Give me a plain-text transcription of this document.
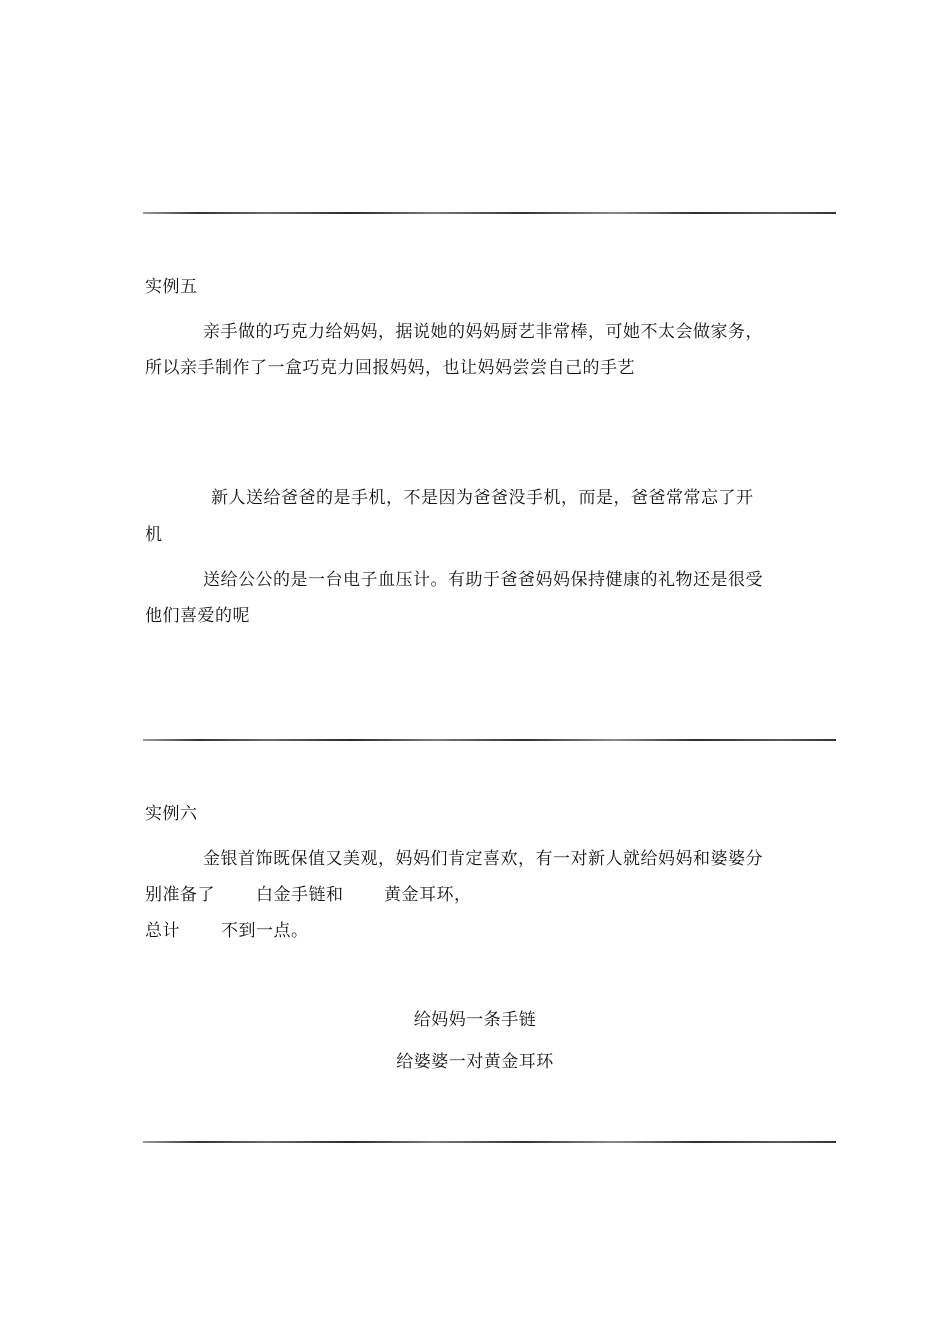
实例五
亲手做的巧克力给妈妈，据说她的妈妈厨艺非常棒，可她不太会做家务，
所以亲手制作了一盒巧克力回报妈妈，也让妈妈尝尝自己的手艺
新人送给爸爸的是手机，不是因为爸爸没手机，而是，爸爸常常忘了开
机
送给公公的是一台电子血压计。有助于爸爸妈妈保持健康的礼物还是很受
他们喜爱的呢
实例六
金银首饰既保值又美观，妈妈们肯定喜欢，有一对新人就给妈妈和婆婆分
别准备了 白金手链和 黄金耳环，
总计 不到一点。
给妈妈一条手链
给婆婆一对黄金耳环
